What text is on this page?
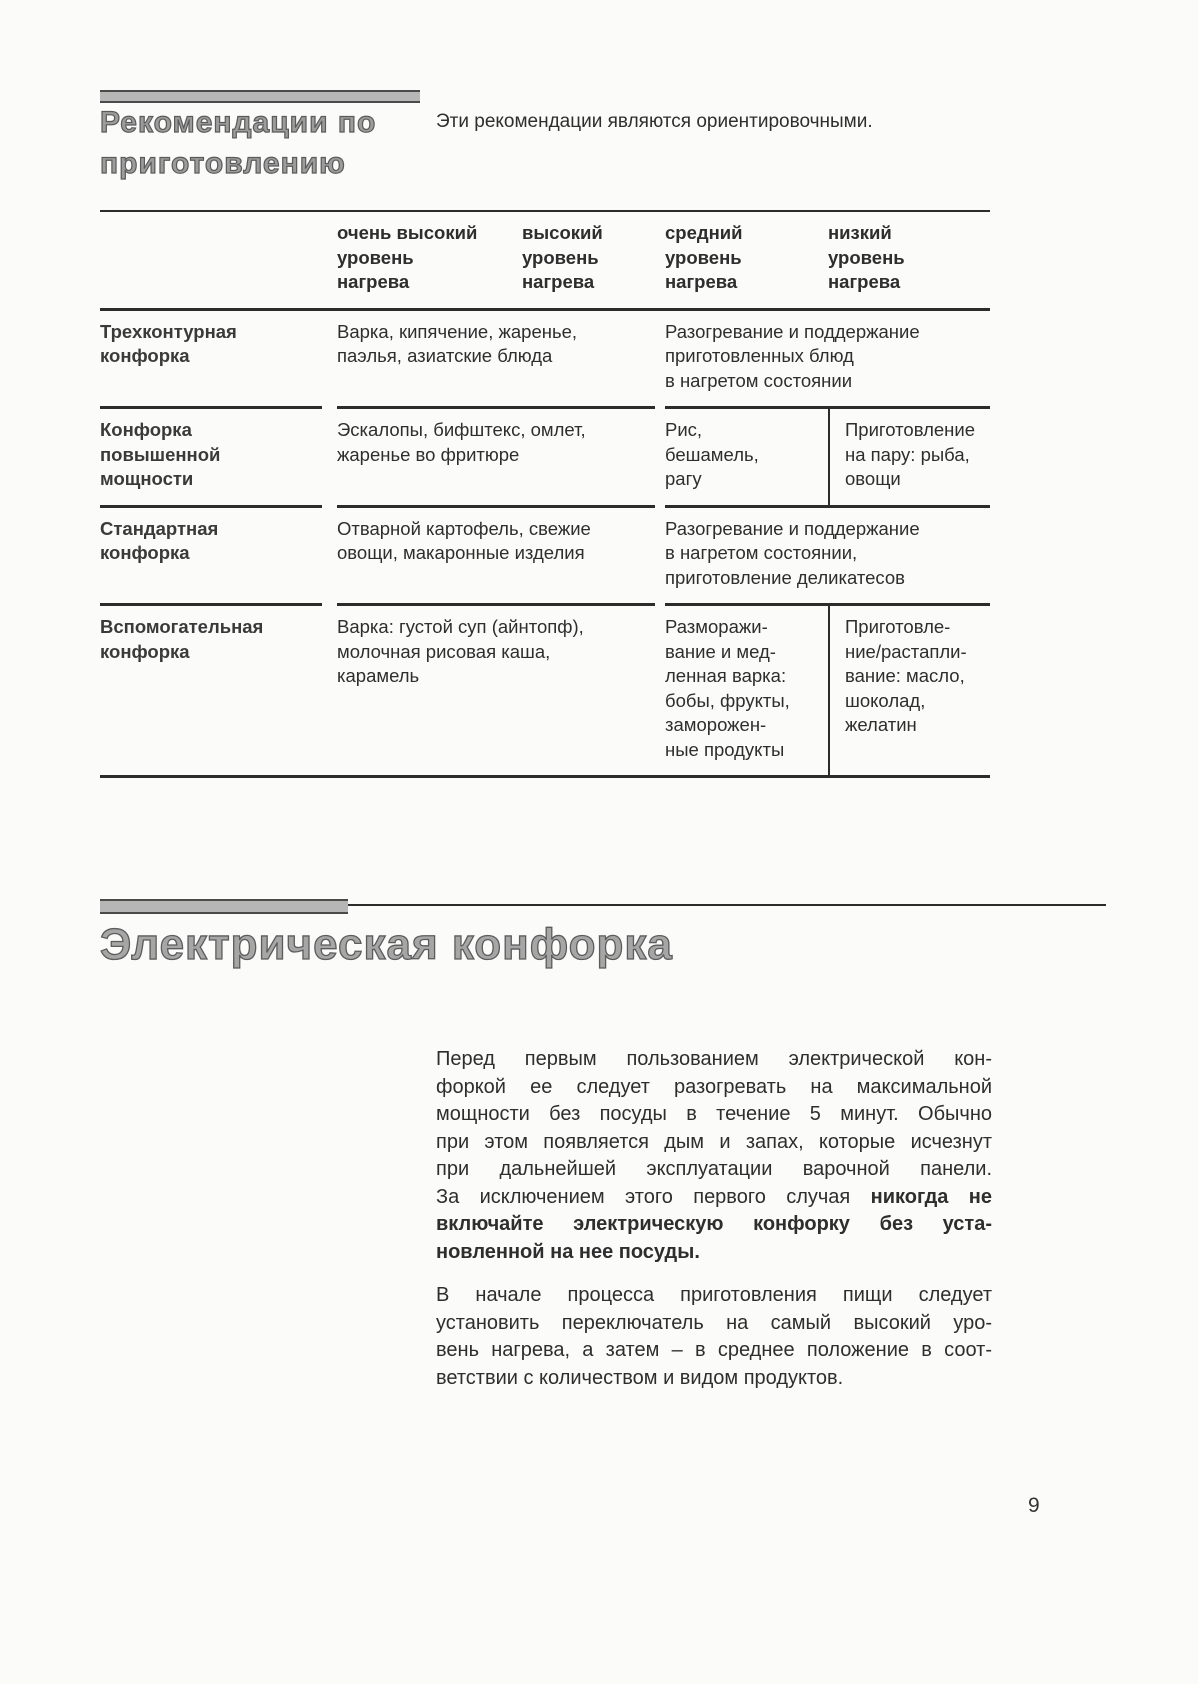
Рекомендации по
приготовлению

Эти рекомендации являются ориентировочными.

очень высокий
уровень
нагрева
высокий
уровень
нагрева
средний
уровень
нагрева
низкий
уровень
нагрева
Трехконтурная
конфорка
Варка, кипячение, жаренье,
паэлья, азиатские блюда
Разогревание и поддержание
приготовленных блюд
в нагретом состоянии
Конфорка
повышенной
мощности
Эскалопы, бифштекс, омлет,
жаренье во фритюре
Рис,
бешамель,
рагу
Приготовление
на пару: рыба,
овощи
Стандартная
конфорка
Отварной картофель, свежие
овощи, макаронные изделия
Разогревание и поддержание
в нагретом состоянии,
приготовление деликатесов
Вспомогательная
конфорка
Варка: густой суп (айнтопф),
молочная рисовая каша,
карамель
Разморажи-
вание и мед-
ленная варка:
бобы, фрукты,
заморожен-
ные продукты
Приготовле-
ние/растапли-
вание: масло,
шоколад,
желатин
Электрическая конфорка
Перед первым пользованием электрической кон-
форкой ее следует разогревать на максимальной
мощности без посуды в течение 5 минут. Обычно
при этом появляется дым и запах, которые исчезнут
при дальнейшей эксплуатации варочной панели.
За исключением этого первого случая никогда не
включайте электрическую конфорку без уста-
новленной на нее посуды.
В начале процесса приготовления пищи следует
установить переключатель на самый высокий уро-
вень нагрева, а затем – в среднее положение в соот-
ветствии с количеством и видом продуктов.
9
